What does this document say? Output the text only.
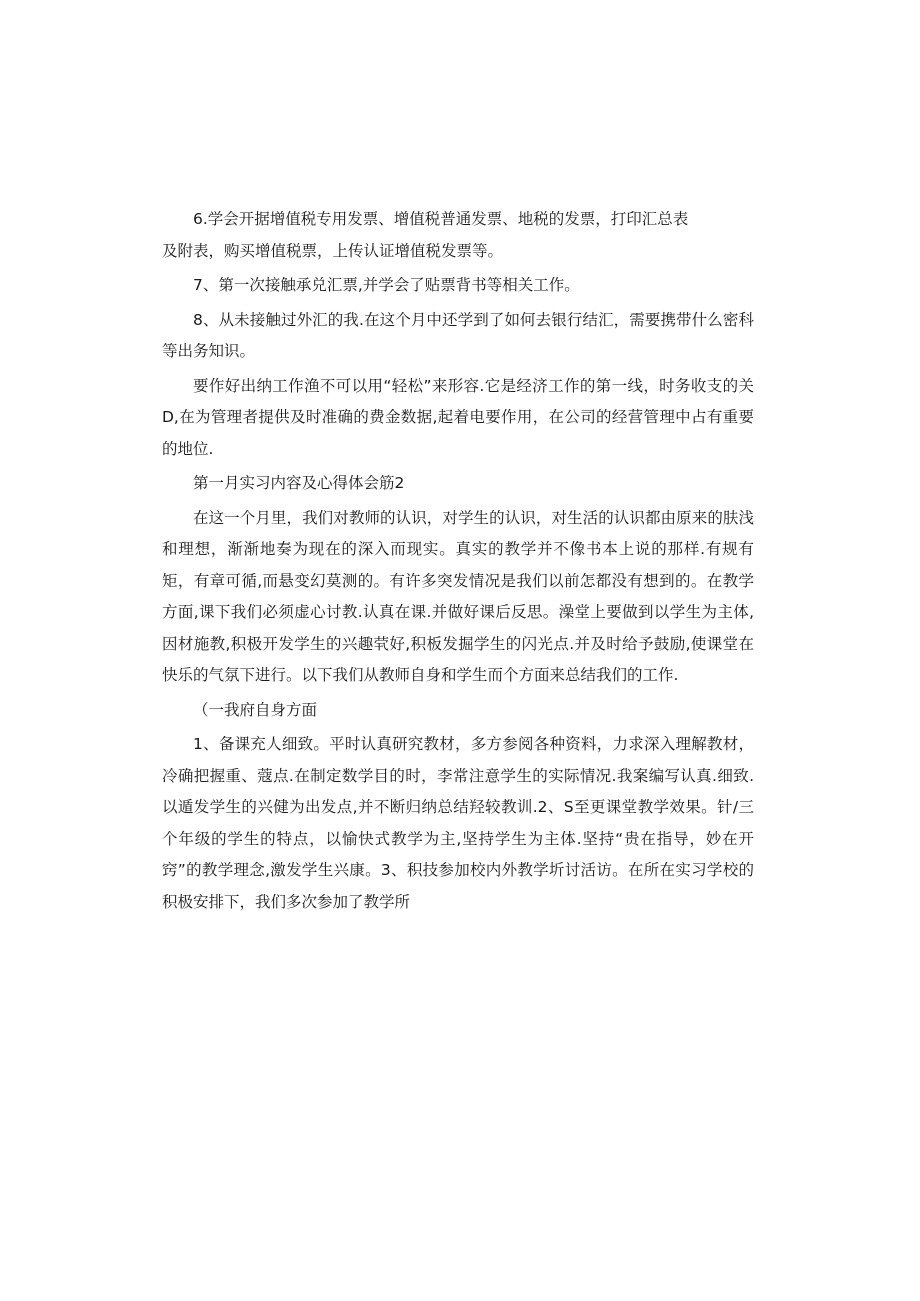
6.学会开据增值税专用发票、增值税普通发票、地税的发票，打印汇总表

及附表，购买增值税票，上传认证增值税发票等。

7、第一次接触承兑汇票,并学会了贴票背书等相关工作。

8、从未接触过外汇的我.在这个月中还学到了如何去银行结汇，需要携带什么密科等出务知识。

要作好出纳工作渔不可以用“轻松”来形容.它是经济工作的第一线，时务收支的关D,在为管理者提供及时准确的费金数据,起着电要作用，在公司的经营管理中占有重要的地位.

第一月实习内容及心得体会筋2

在这一个月里，我们对教师的认识，对学生的认识，对生活的认识都由原来的肤浅和理想，渐渐地奏为现在的深入而现实。真实的教学并不像书本上说的那样.有规有矩，有章可循,而悬变幻莫测的。有许多突发情况是我们以前怎都没有想到的。在教学方面,课下我们必须虚心讨教.认真在课.并做好课后反思。澡堂上要做到以学生为主体,因材施教,积极开发学生的兴趣茕好,积板发掘学生的闪光点.并及时给予鼓励,使课堂在快乐的气氛下进行。以下我们从教师自身和学生而个方面来总结我们的工作.

（一我府自身方面

1、备课充人细致。平时认真研究教材，多方参阅各种资料，力求深入理解教材，冷确把握重、蔻点.在制定数学目的时，李常注意学生的实际情况.我案编写认真.细致.以遁发学生的兴健为出发点,并不断归纳总结羟较教训.2、S至更课堂教学效果。针/三个年级的学生的特点，以愉快式教学为主,坚持学生为主体.坚持“贵在指导，妙在开窍”的教学理念,激发学生兴康。3、积技参加校内外教学圻讨活访。在所在实习学校的积极安排下，我们多次参加了教学所
